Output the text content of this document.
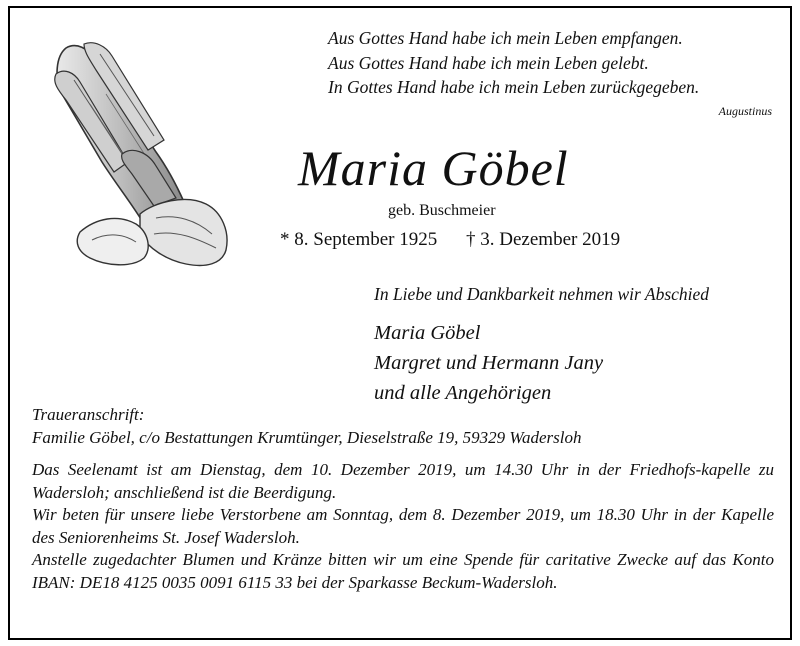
Aus Gottes Hand habe ich mein Leben empfangen.
Aus Gottes Hand habe ich mein Leben gelebt.
In Gottes Hand habe ich mein Leben zurückgegeben.
Augustinus
Maria Göbel
geb. Buschmeier
* 8. September 1925 † 3. Dezember 2019
In Liebe und Dankbarkeit nehmen wir Abschied
Maria Göbel
Margret und Hermann Jany
und alle Angehörigen

Traueranschrift:

Familie Göbel, c/o Bestattungen Krumtünger, Dieselstraße 19, 59329 Wadersloh

Das Seelenamt ist am Dienstag, dem 10. Dezember 2019, um 14.30 Uhr in der Friedhofs-kapelle zu Wadersloh; anschließend ist die Beerdigung.

Wir beten für unsere liebe Verstorbene am Sonntag, dem 8. Dezember 2019, um 18.30 Uhr in der Kapelle des Seniorenheims St. Josef Wadersloh.

Anstelle zugedachter Blumen und Kränze bitten wir um eine Spende für caritative Zwecke auf das Konto IBAN: DE18 4125 0035 0091 6115 33 bei der Sparkasse Beckum-Wadersloh.
